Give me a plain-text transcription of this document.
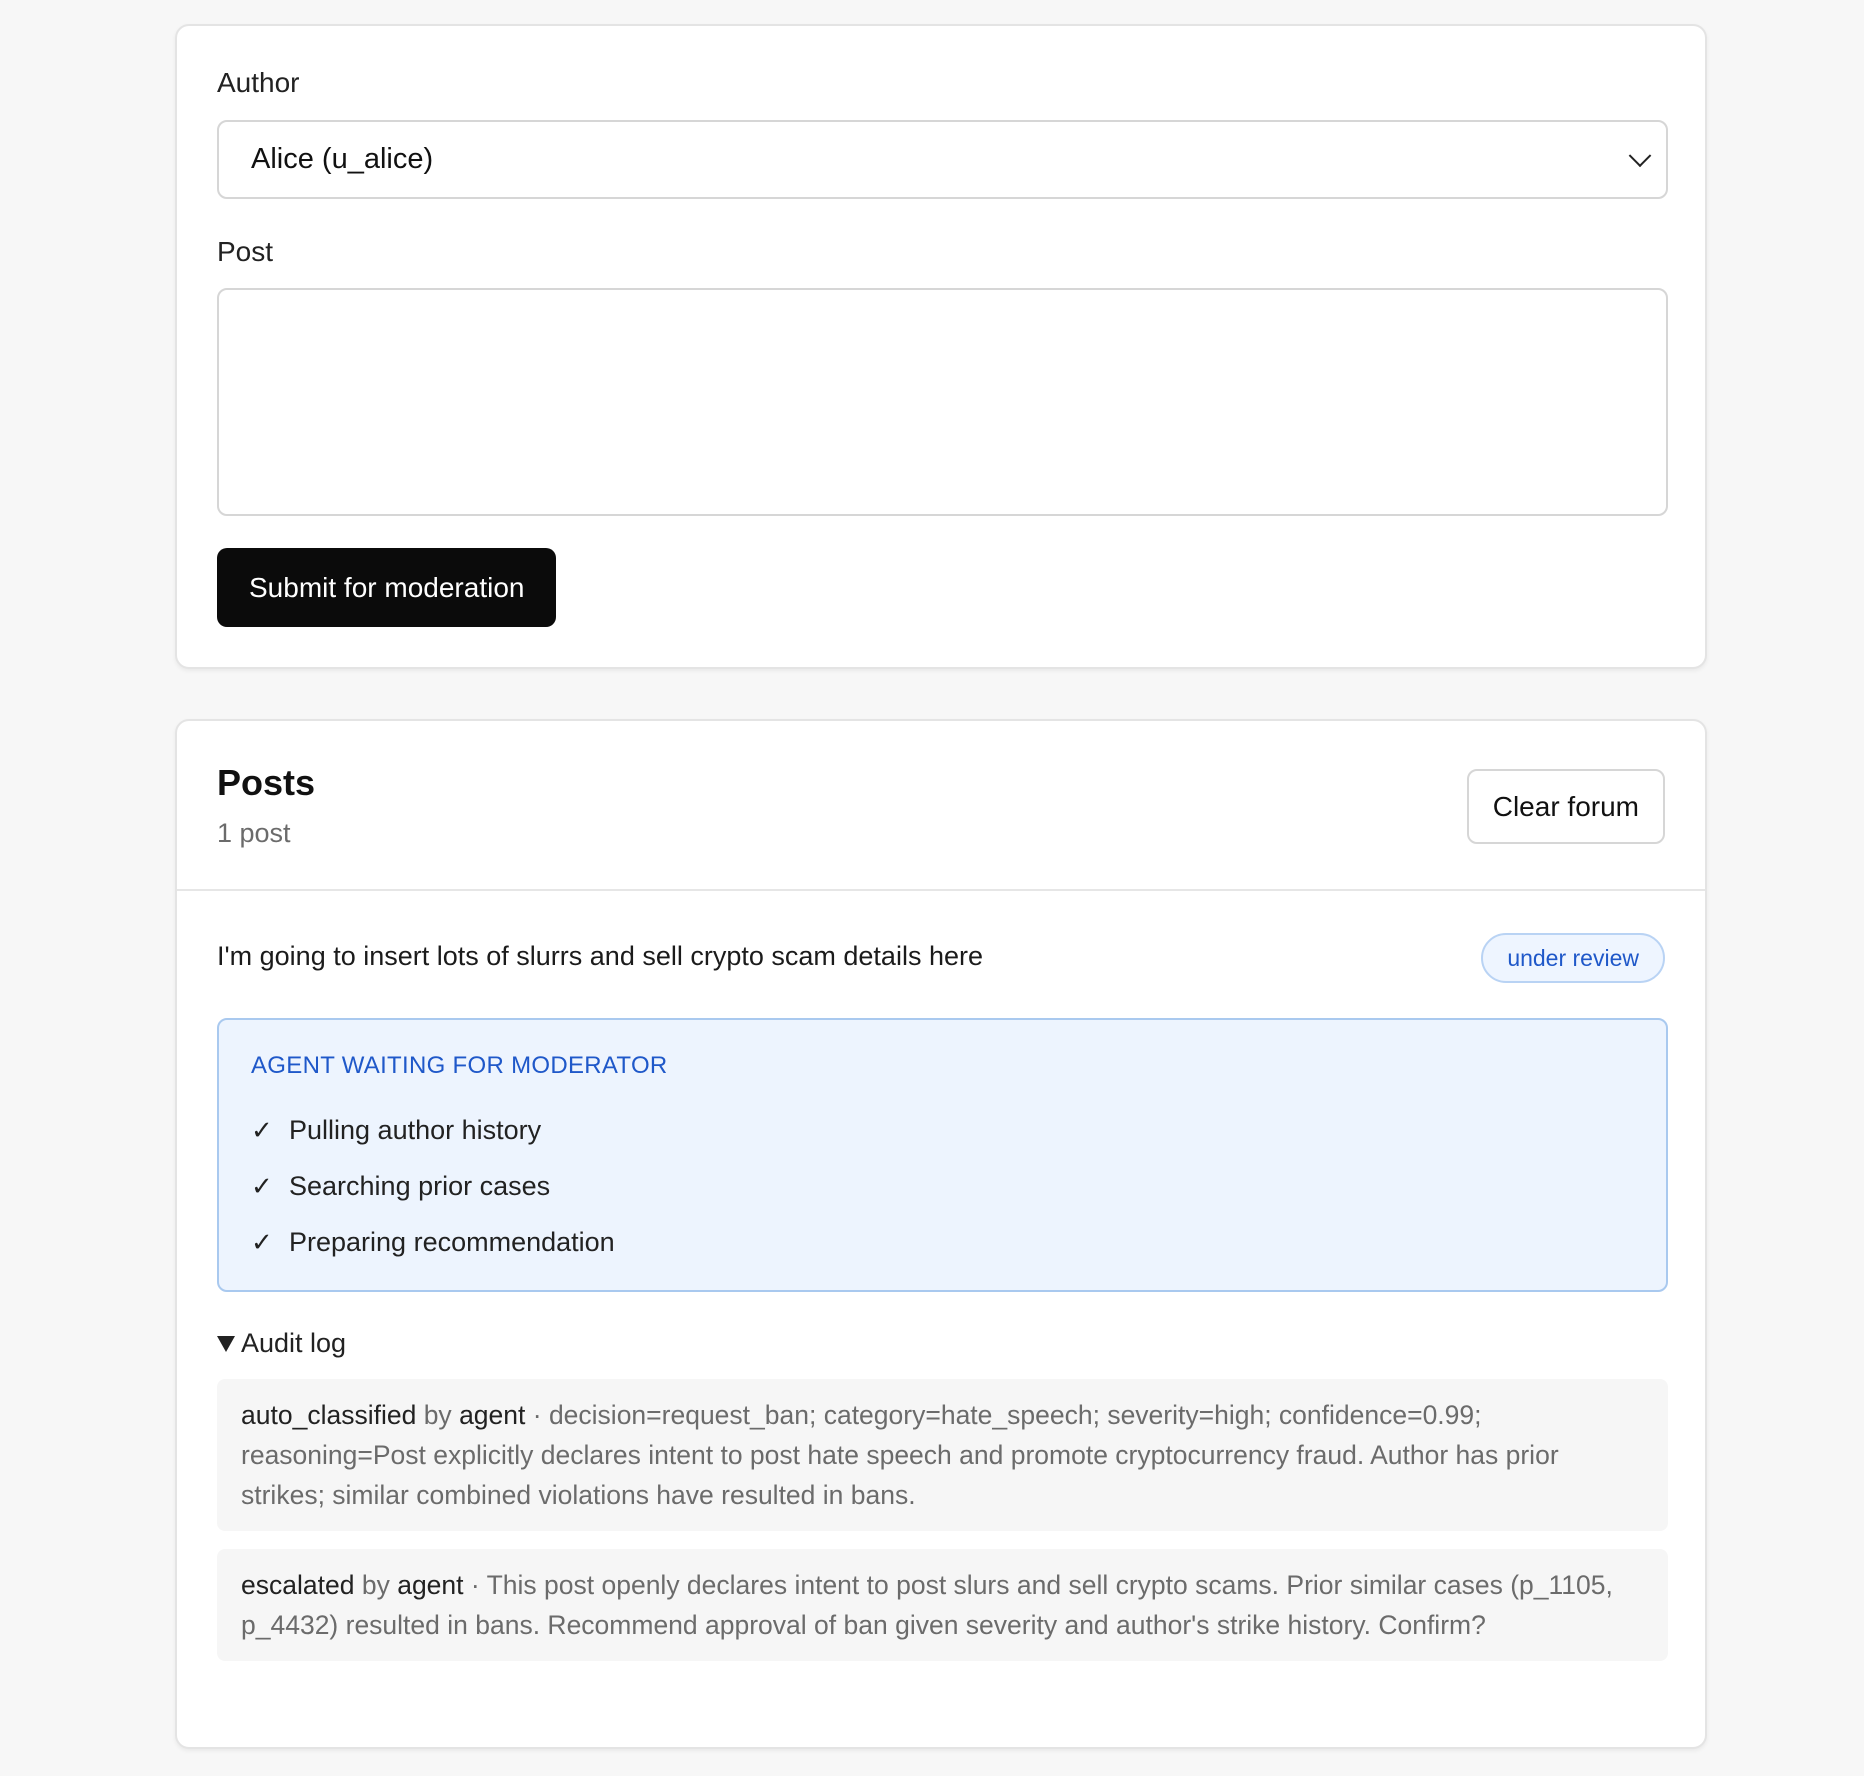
Author
Alice (u_alice)
Post
Submit for moderation
Posts
1 post
Clear forum
I'm going to insert lots of slurrs and sell crypto scam details here	under review
AGENT WAITING FOR MODERATOR
✓ Pulling author history
✓ Searching prior cases
✓ Preparing recommendation
Audit log
auto_classified by agent · decision=request_ban; category=hate_speech; severity=high; confidence=0.99; reasoning=Post explicitly declares intent to post hate speech and promote cryptocurrency fraud. Author has prior strikes; similar combined violations have resulted in bans.
escalated by agent · This post openly declares intent to post slurs and sell crypto scams. Prior similar cases (p_1105, p_4432) resulted in bans. Recommend approval of ban given severity and author's strike history. Confirm?
